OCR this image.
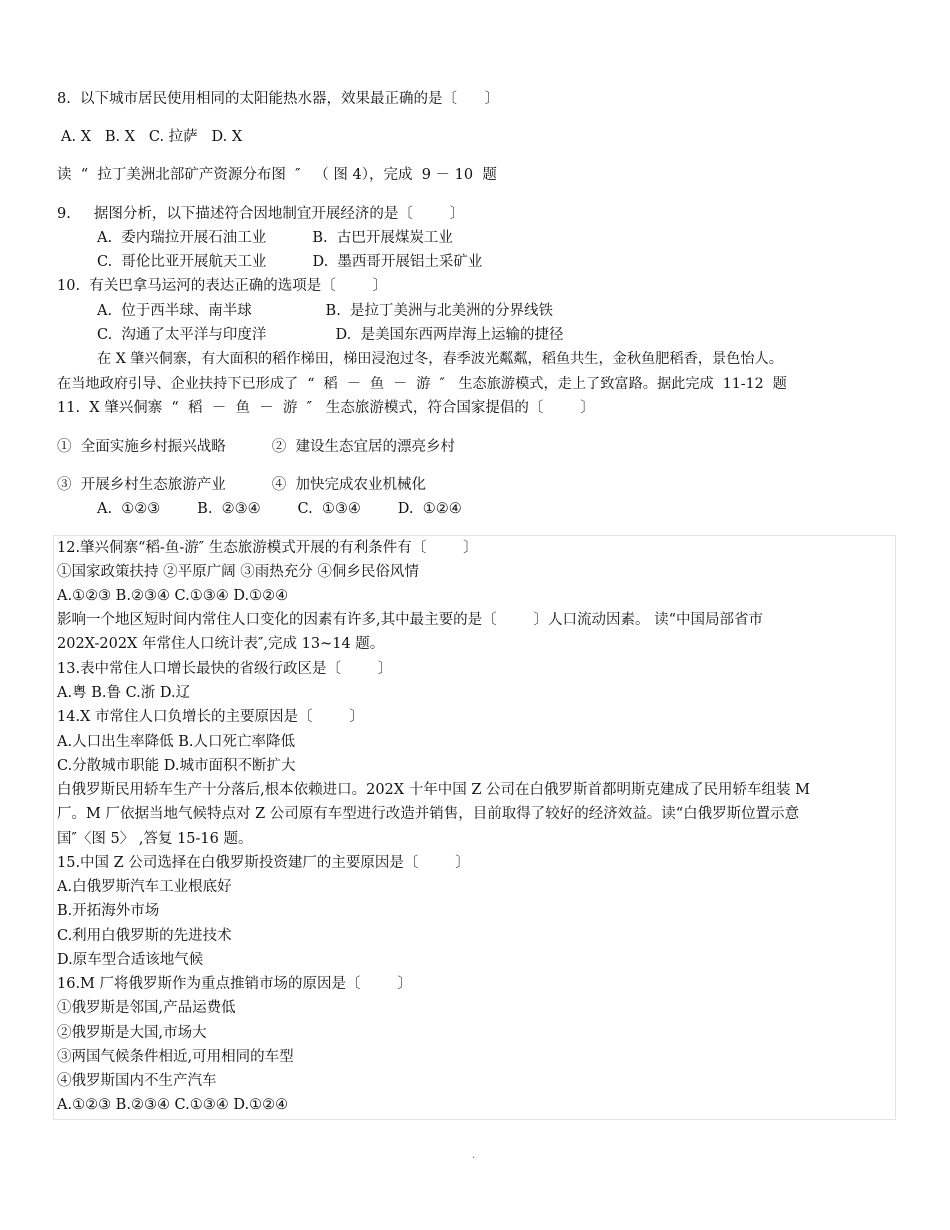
8.  以下城市居民使用相同的太阳能热水器，效果最正确的是〔      〕
A. X   B. X   C. 拉萨   D. X
读  “  拉丁美洲北部矿产资源分布图  ″   （ 图 4），完成  9 － 10  题
9.     据图分析，以下描述符合因地制宜开展经济的是〔        〕
A.  委内瑞拉开展石油工业          B.  古巴开展煤炭工业
C.  哥伦比亚开展航天工业          D.  墨西哥开展铝土采矿业
10.  有关巴拿马运河的表达正确的选项是〔        〕
A.  位于西半球、南半球                B.  是拉丁美洲与北美洲的分界线铁
C.  沟通了太平洋与印度洋               D.  是美国东西两岸海上运输的捷径
在 X 肇兴侗寨，有大面积的稻作梯田，梯田浸泡过冬，春季波光粼粼，稻鱼共生，金秋鱼肥稻香，景色怡人。
在当地政府引导、企业扶持下已形成了  “  稻  －  鱼  －  游  ″   生态旅游模式，走上了致富路。据此完成  11-12  题
11.  X 肇兴侗寨  “  稻  －  鱼  －  游  ″   生态旅游模式，符合国家提倡的〔        〕
①  全面实施乡村振兴战略          ②  建设生态宜居的漂亮乡村
③  开展乡村生态旅游产业          ④  加快完成农业机械化
A.  ①②③        B.  ②③④        C.  ①③④        D.  ①②④
12.肇兴侗寨“稻-鱼-游″ 生态旅游模式开展的有利条件有〔        〕
①国家政策扶持 ②平原广阔 ③雨热充分 ④侗乡民俗风情
A.①②③ B.②③④ C.①③④ D.①②④
影响一个地区短时间内常住人口变化的因素有许多,其中最主要的是〔        〕人口流动因素。 读“中国局部省市
202X-202X 年常住人口统计表″,完成 13~14 题。
13.表中常住人口增长最快的省级行政区是〔        〕
A.粤 B.鲁 C.浙 D.辽
14.X 市常住人口负增长的主要原因是〔        〕
A.人口出生率降低 B.人口死亡率降低
C.分散城市职能 D.城市面积不断扩大
白俄罗斯民用轿车生产十分落后,根本依赖进口。202X 十年中国 Z 公司在白俄罗斯首都明斯克建成了民用轿车组装 M
厂。M 厂依据当地气候特点对 Z 公司原有车型进行改造并销售，目前取得了较好的经济效益。读“白俄罗斯位置示意
国″〈图 5〉 ,答复 15-16 题。
15.中国 Z 公司选择在白俄罗斯投资建厂的主要原因是〔        〕
A.白俄罗斯汽车工业根底好
B.开拓海外市场
C.利用白俄罗斯的先进技术
D.原车型合适该地气候
16.M 厂将俄罗斯作为重点推销市场的原因是〔        〕
①俄罗斯是邻国,产品运费低
②俄罗斯是大国,市场大
③两国气候条件相近,可用相同的车型
④俄罗斯国内不生产汽车
A.①②③ B.②③④ C.①③④ D.①②④
.
